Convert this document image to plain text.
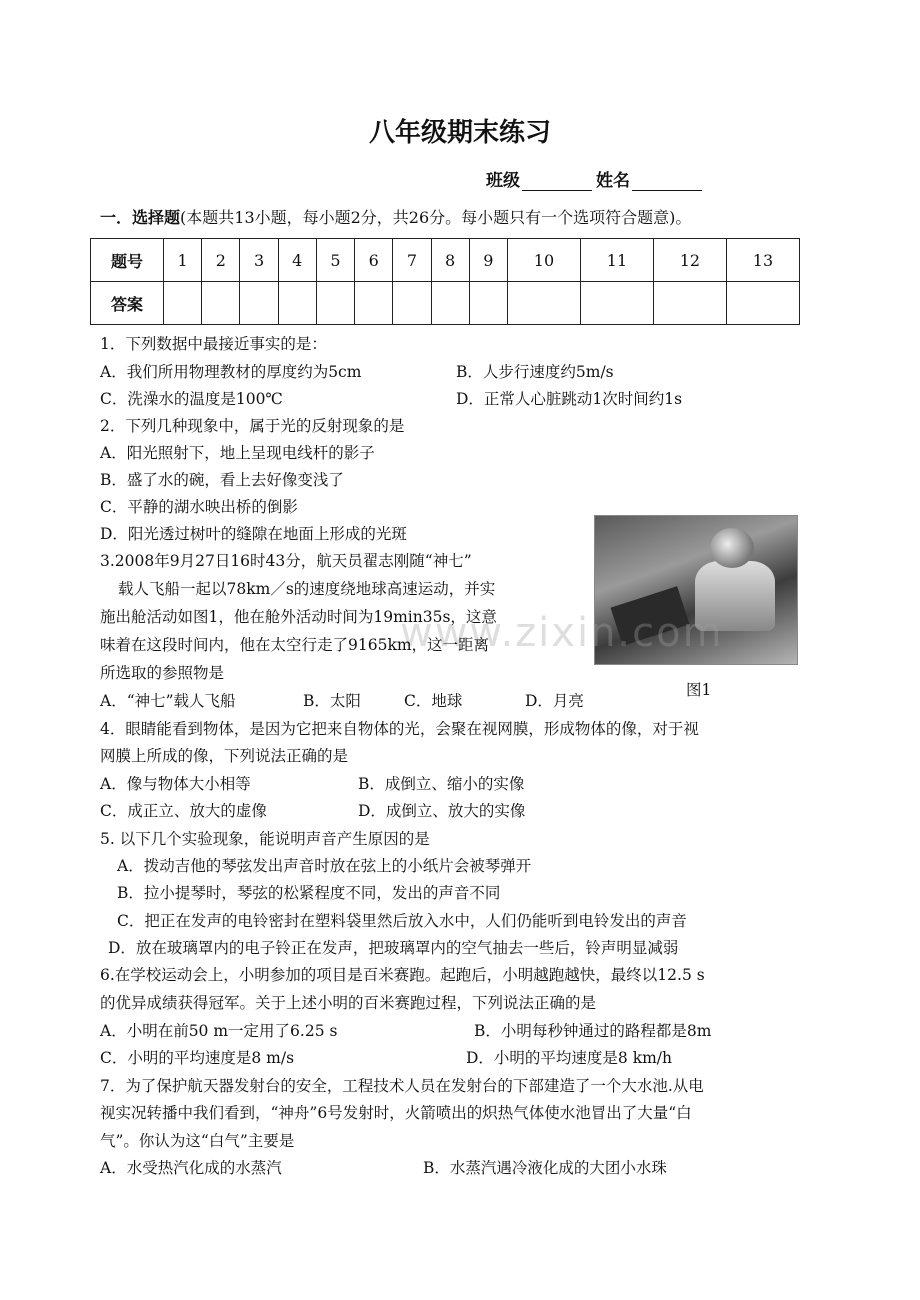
八年级期末练习
班级	姓名
一．选择题(本题共13小题，每小题2分，共26分。每小题只有一个选项符合题意)。
题号	1	2	3	4	5	6	7	8	9	10	11	12	13
答案													
1．下列数据中最接近事实的是：
A．我们所用物理教材的厚度约为5cm	B．人步行速度约5m/s
C．洗澡水的温度是100℃	D．正常人心脏跳动1次时间约1s
2．下列几种现象中，属于光的反射现象的是
A．阳光照射下，地上呈现电线杆的影子
B．盛了水的碗，看上去好像变浅了
C．平静的湖水映出桥的倒影
D．阳光透过树叶的缝隙在地面上形成的光斑
www.zixin.com
图1
3.2008年9月27日16时43分，航天员翟志刚随“神七”
载人飞船一起以78km／s的速度绕地球高速运动，并实
施出舱活动如图1，他在舱外活动时间为19min35s，这意
味着在这段时间内，他在太空行走了9165km，这一距离
所选取的参照物是
A．“神七”载人飞船	B．太阳	C．地球	D．月亮
4．眼睛能看到物体，是因为它把来自物体的光，会聚在视网膜，形成物体的像，对于视
网膜上所成的像，下列说法正确的是
A．像与物体大小相等	B．成倒立、缩小的实像
C．成正立、放大的虚像	D．成倒立、放大的实像
5. 以下几个实验现象，能说明声音产生原因的是
A．拨动吉他的琴弦发出声音时放在弦上的小纸片会被琴弹开
B．拉小提琴时，琴弦的松紧程度不同，发出的声音不同
C．把正在发声的电铃密封在塑料袋里然后放入水中，人们仍能听到电铃发出的声音
D．放在玻璃罩内的电子铃正在发声，把玻璃罩内的空气抽去一些后，铃声明显减弱
6.在学校运动会上，小明参加的项目是百米赛跑。起跑后，小明越跑越快，最终以12.5 s
的优异成绩获得冠军。关于上述小明的百米赛跑过程，下列说法正确的是
A．小明在前50 m一定用了6.25 s	B．小明每秒钟通过的路程都是8m
C．小明的平均速度是8 m/s	D．小明的平均速度是8 km/h
7．为了保护航天器发射台的安全，工程技术人员在发射台的下部建造了一个大水池.从电
视实况转播中我们看到，“神舟”6号发射时，火箭喷出的炽热气体使水池冒出了大量“白
气”。你认为这“白气”主要是
A．水受热汽化成的水蒸汽	B．水蒸汽遇冷液化成的大团小水珠
